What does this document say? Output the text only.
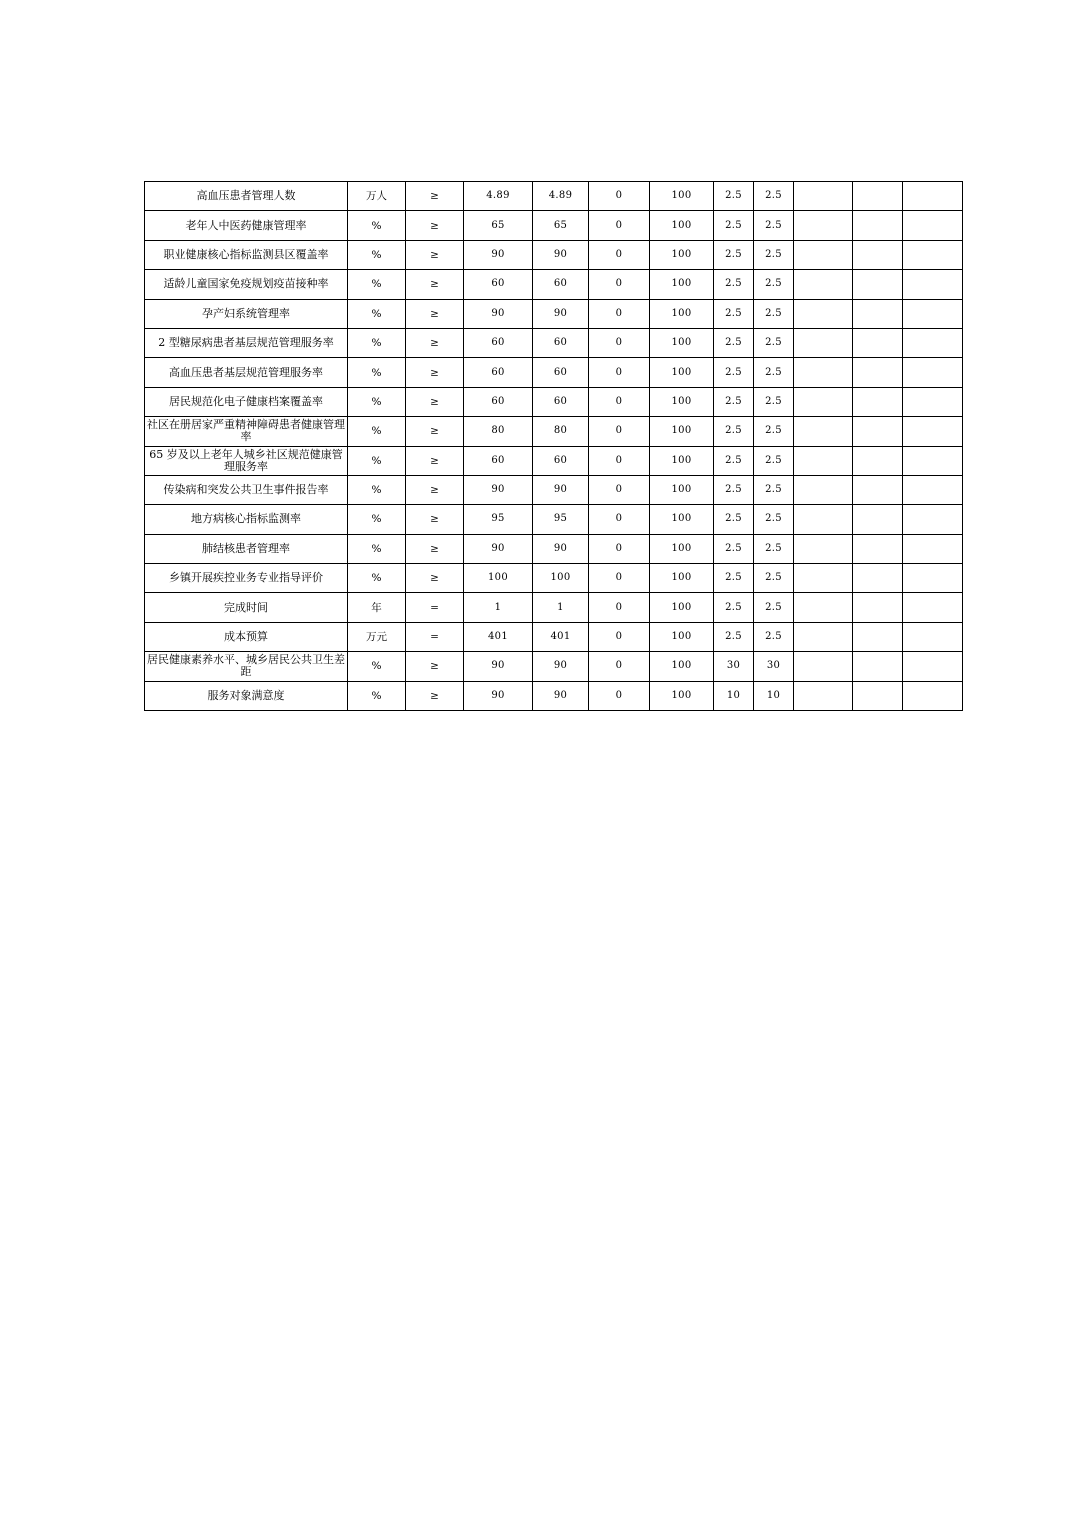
高血压患者管理人数	万人	≥	4.89	4.89	0	100	2.5	2.5			
老年人中医药健康管理率	%	≥	65	65	0	100	2.5	2.5			
职业健康核心指标监测县区覆盖率	%	≥	90	90	0	100	2.5	2.5			
适龄儿童国家免疫规划疫苗接种率	%	≥	60	60	0	100	2.5	2.5			
孕产妇系统管理率	%	≥	90	90	0	100	2.5	2.5			
2 型糖尿病患者基层规范管理服务率	%	≥	60	60	0	100	2.5	2.5			
高血压患者基层规范管理服务率	%	≥	60	60	0	100	2.5	2.5			
居民规范化电子健康档案覆盖率	%	≥	60	60	0	100	2.5	2.5			
社区在册居家严重精神障碍患者健康管理率	%	≥	80	80	0	100	2.5	2.5			
65 岁及以上老年人城乡社区规范健康管理服务率	%	≥	60	60	0	100	2.5	2.5			
传染病和突发公共卫生事件报告率	%	≥	90	90	0	100	2.5	2.5			
地方病核心指标监测率	%	≥	95	95	0	100	2.5	2.5			
肺结核患者管理率	%	≥	90	90	0	100	2.5	2.5			
乡镇开展疾控业务专业指导评价	%	≥	100	100	0	100	2.5	2.5			
完成时间	年	=	1	1	0	100	2.5	2.5			
成本预算	万元	=	401	401	0	100	2.5	2.5			
居民健康素养水平、城乡居民公共卫生差距	%	≥	90	90	0	100	30	30			
服务对象满意度	%	≥	90	90	0	100	10	10			
